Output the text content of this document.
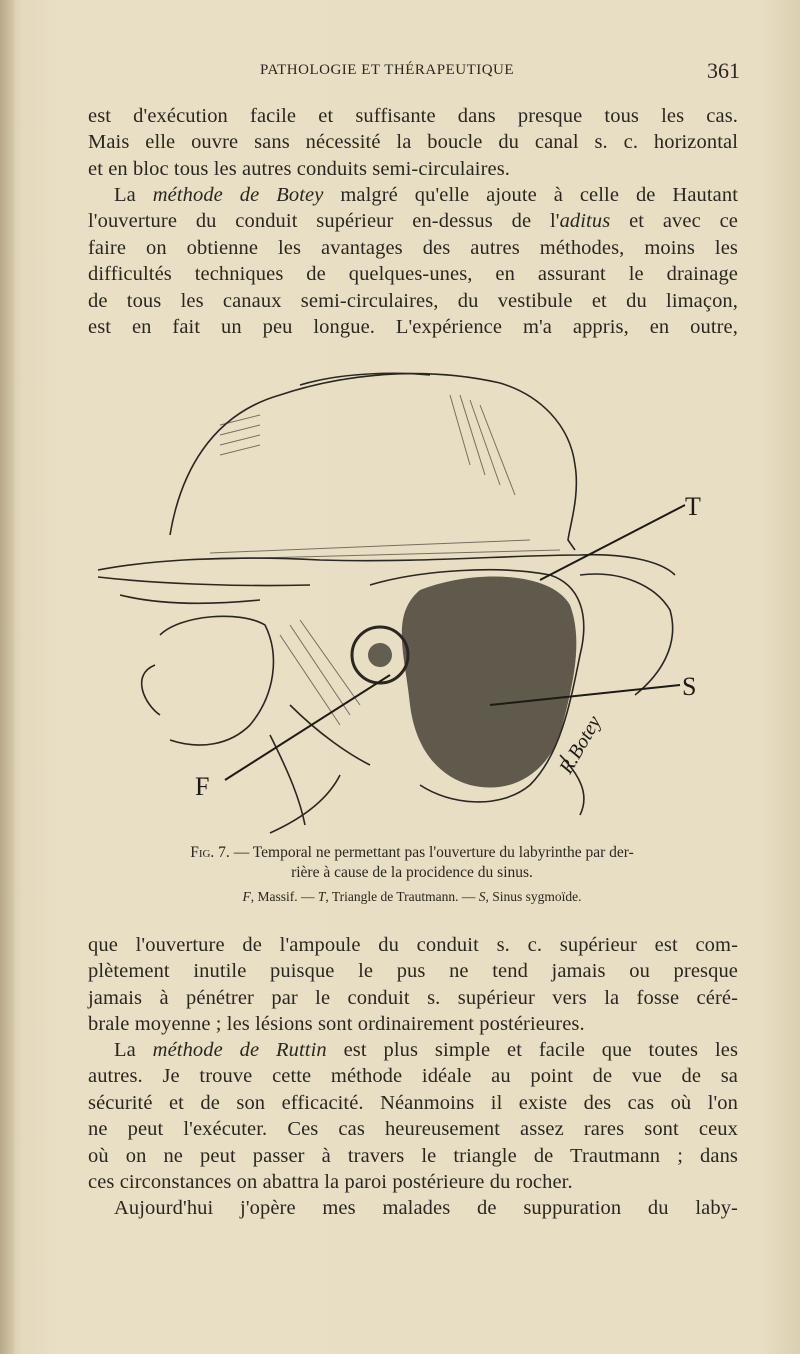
PATHOLOGIE ET THÉRAPEUTIQUE	361

est d'exécution facile et suffisante dans presque tous les cas.
Mais elle ouvre sans nécessité la boucle du canal s. c. horizontal
et en bloc tous les autres conduits semi-circulaires.

La méthode de Botey malgré qu'elle ajoute à celle de Hautant
l'ouverture du conduit supérieur en-dessus de l'aditus et avec ce
faire on obtienne les avantages des autres méthodes, moins les
difficultés techniques de quelques-unes, en assurant le drainage
de tous les canaux semi-circulaires, du vestibule et du limaçon,
est en fait un peu longue. L'expérience m'a appris, en outre,

T
S
F
R.Botey
Fig. 7. — Temporal ne permettant pas l'ouverture du labyrinthe par der-
rière à cause de la procidence du sinus.
F, Massif. — T, Triangle de Trautmann. — S, Sinus sygmoïde.

que l'ouverture de l'ampoule du conduit s. c. supérieur est com-
plètement inutile puisque le pus ne tend jamais ou presque
jamais à pénétrer par le conduit s. supérieur vers la fosse céré-
brale moyenne ; les lésions sont ordinairement postérieures.

La méthode de Ruttin est plus simple et facile que toutes les
autres. Je trouve cette méthode idéale au point de vue de sa
sécurité et de son efficacité. Néanmoins il existe des cas où l'on
ne peut l'exécuter. Ces cas heureusement assez rares sont ceux
où on ne peut passer à travers le triangle de Trautmann ; dans
ces circonstances on abattra la paroi postérieure du rocher.

Aujourd'hui j'opère mes malades de suppuration du laby-
